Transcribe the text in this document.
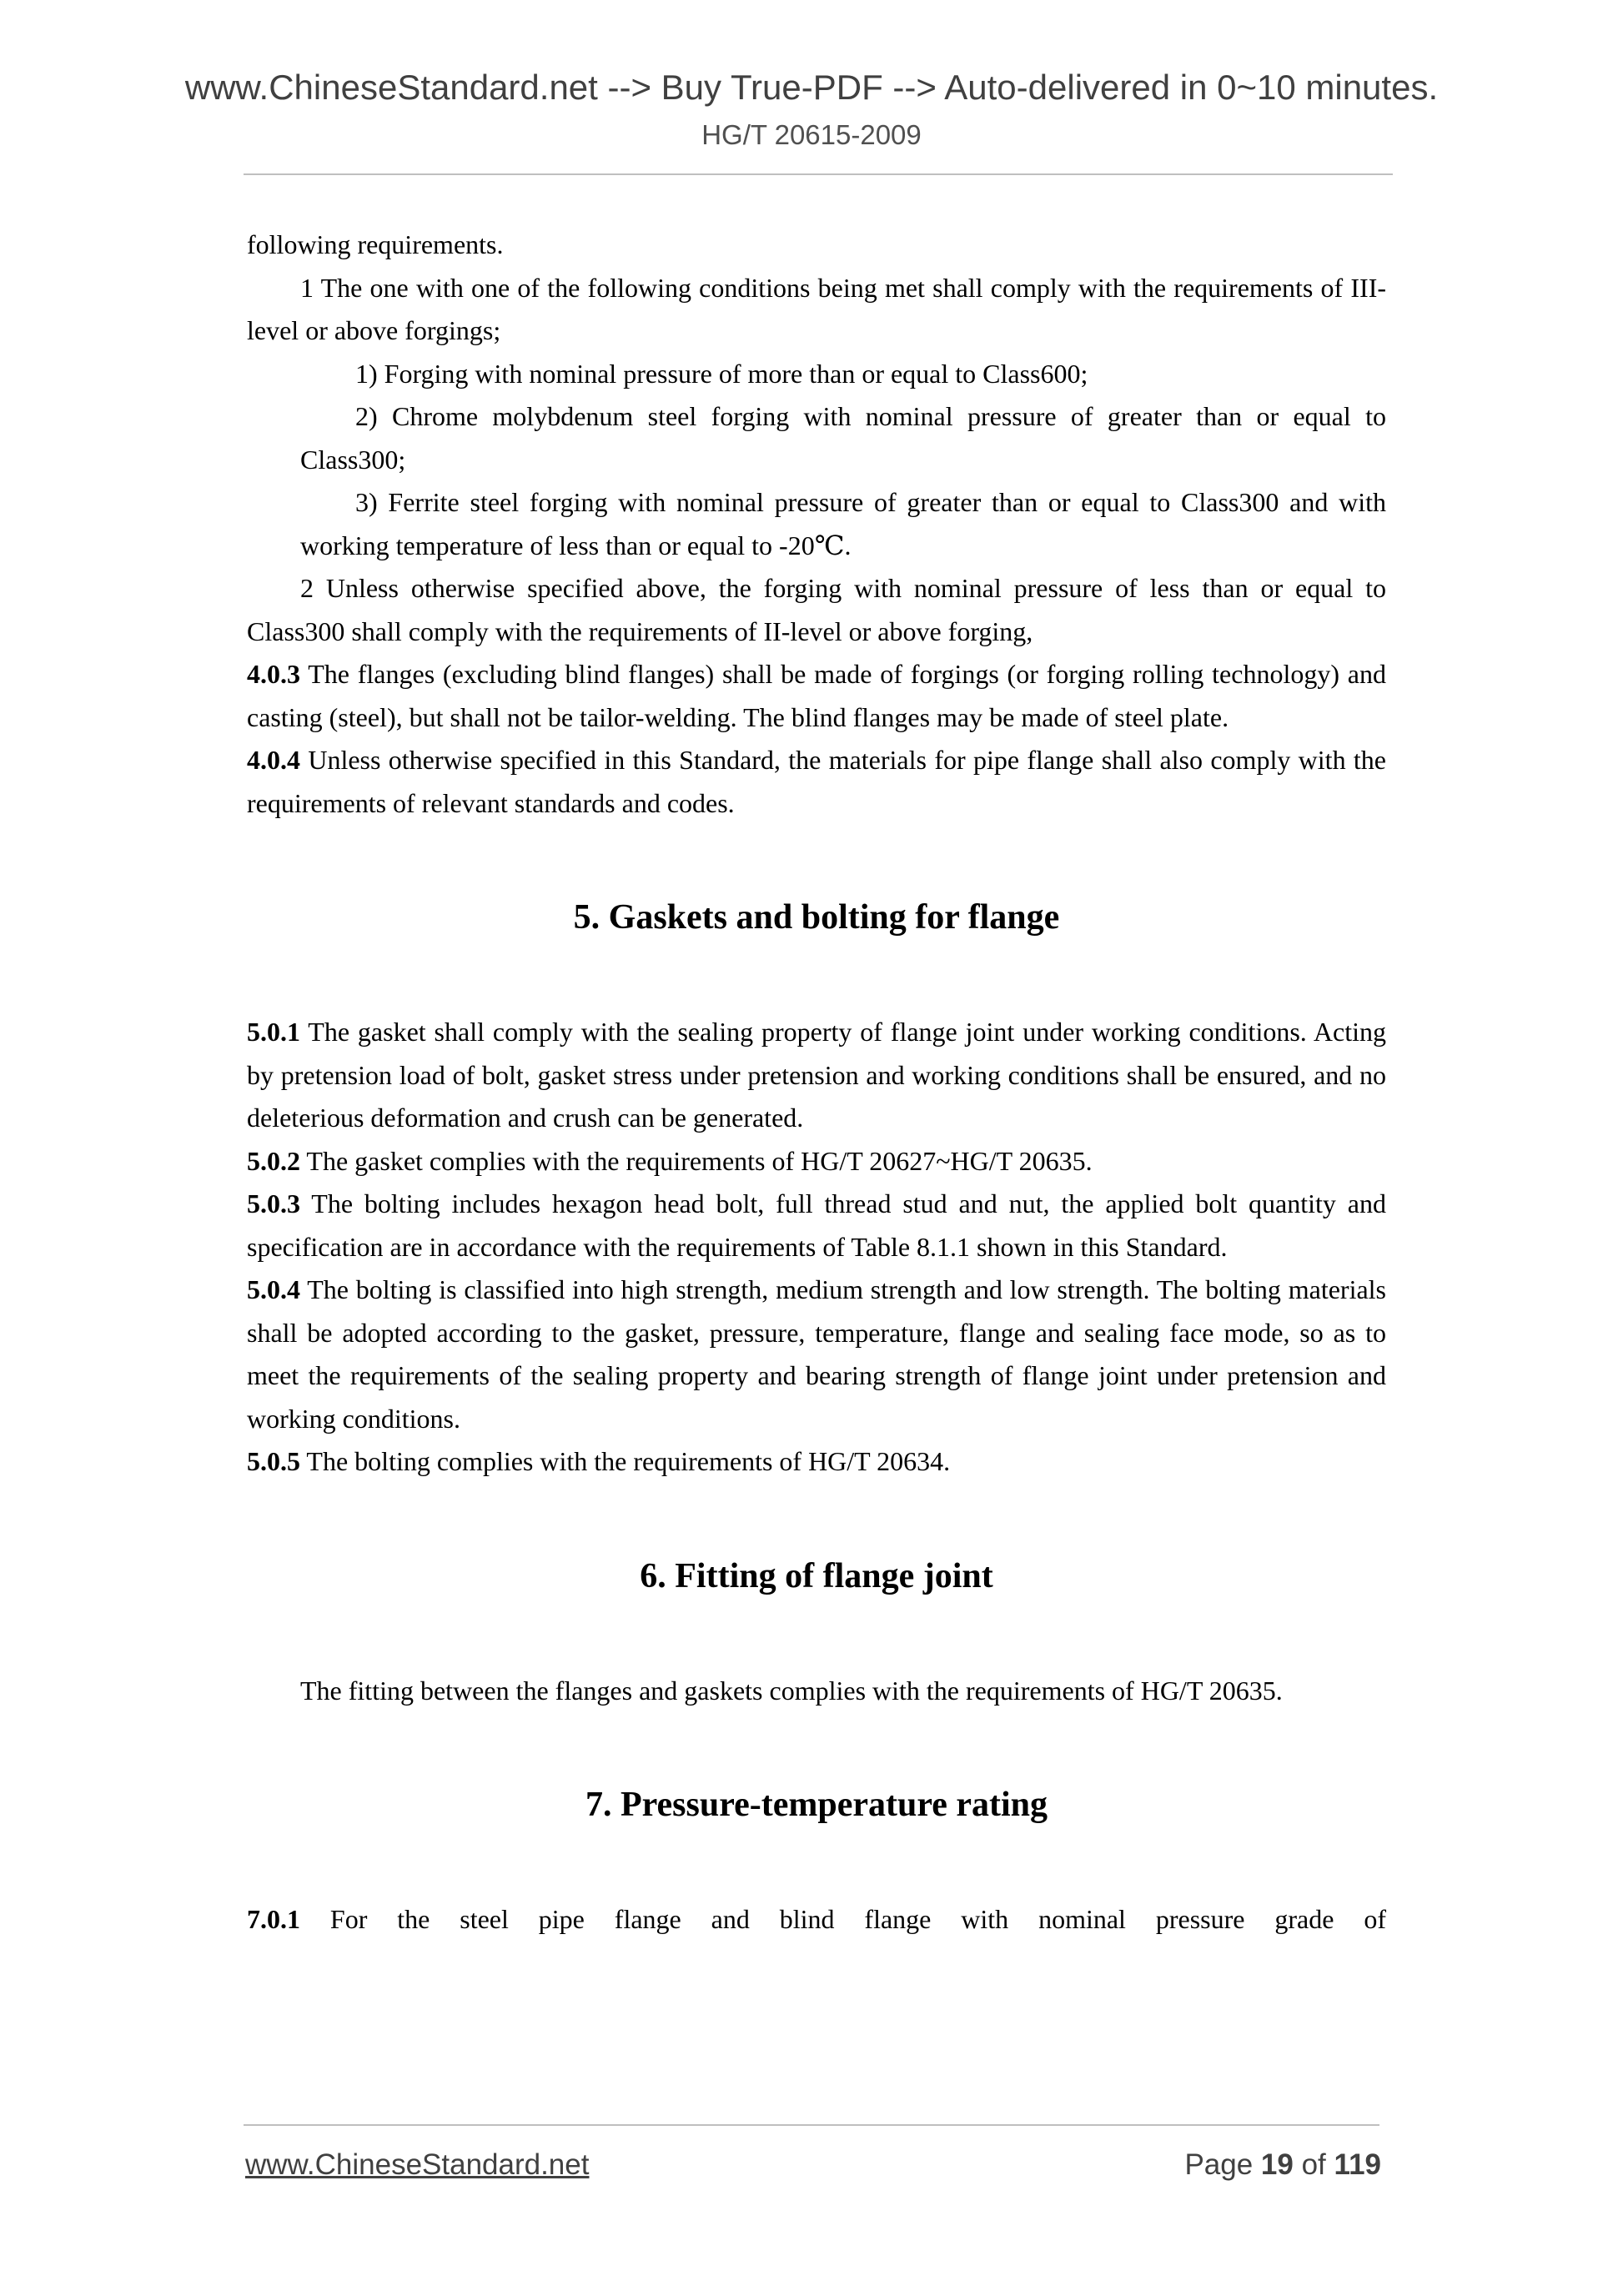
www.ChineseStandard.net --> Buy True-PDF --> Auto-delivered in 0~10 minutes.
HG/T 20615-2009

following requirements.

1 The one with one of the following conditions being met shall comply with the requirements of III-level or above forgings;

1) Forging with nominal pressure of more than or equal to Class600;

2) Chrome molybdenum steel forging with nominal pressure of greater than or equal to Class300;

3) Ferrite steel forging with nominal pressure of greater than or equal to Class300 and with working temperature of less than or equal to -20℃.

2 Unless otherwise specified above, the forging with nominal pressure of less than or equal to Class300 shall comply with the requirements of II-level or above forging,

4.0.3 The flanges (excluding blind flanges) shall be made of forgings (or forging rolling technology) and casting (steel), but shall not be tailor-welding. The blind flanges may be made of steel plate.

4.0.4 Unless otherwise specified in this Standard, the materials for pipe flange shall also comply with the requirements of relevant standards and codes.

5. Gaskets and bolting for flange

5.0.1 The gasket shall comply with the sealing property of flange joint under working conditions. Acting by pretension load of bolt, gasket stress under pretension and working conditions shall be ensured, and no deleterious deformation and crush can be generated.

5.0.2 The gasket complies with the requirements of HG/T 20627~HG/T 20635.

5.0.3 The bolting includes hexagon head bolt, full thread stud and nut, the applied bolt quantity and specification are in accordance with the requirements of Table 8.1.1 shown in this Standard.

5.0.4 The bolting is classified into high strength, medium strength and low strength. The bolting materials shall be adopted according to the gasket, pressure, temperature, flange and sealing face mode, so as to meet the requirements of the sealing property and bearing strength of flange joint under pretension and working conditions.

5.0.5 The bolting complies with the requirements of HG/T 20634.

6. Fitting of flange joint

The fitting between the flanges and gaskets complies with the requirements of HG/T 20635.

7. Pressure-temperature rating

7.0.1 For the steel pipe flange and blind flange with nominal pressure grade of

www.ChineseStandard.net	Page 19 of 119
